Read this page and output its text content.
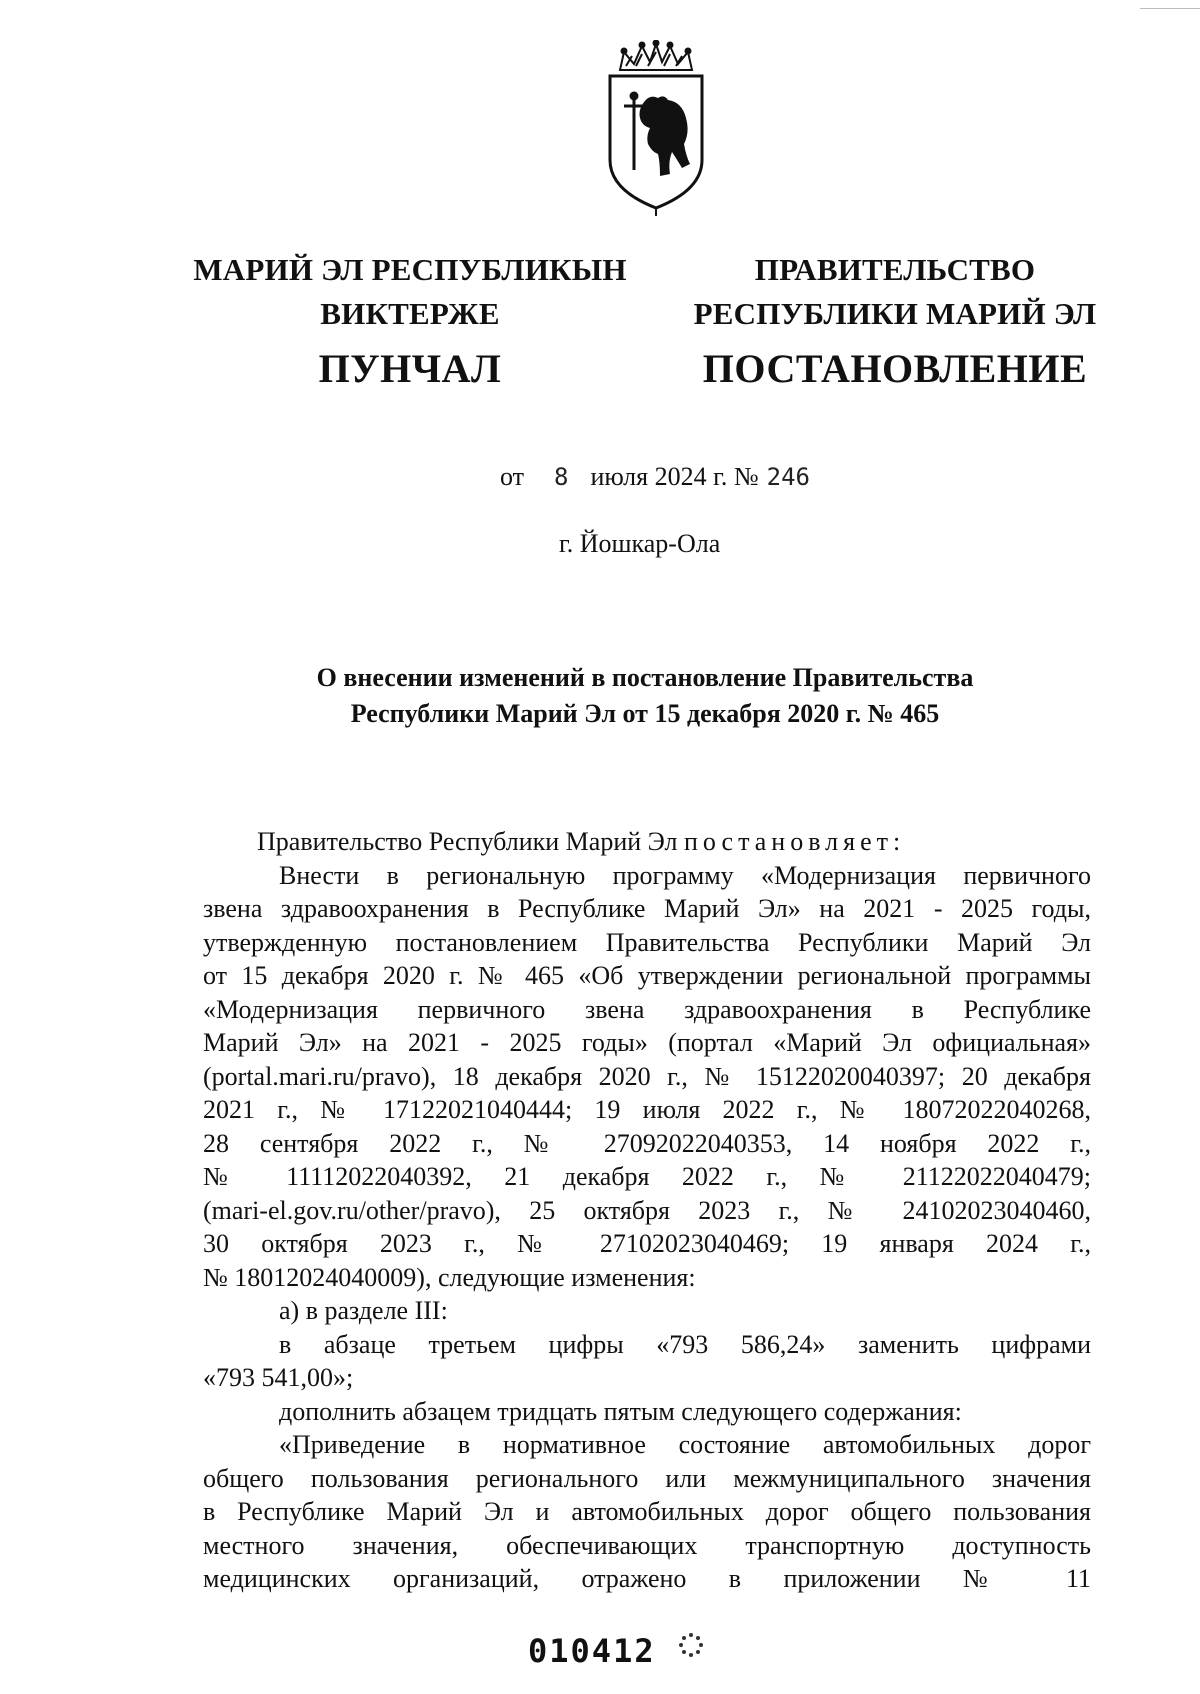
МАРИЙ ЭЛ РЕСПУБЛИКЫН
ВИКТЕРЖЕ
ПУНЧАЛ
ПРАВИТЕЛЬСТВО
РЕСПУБЛИКИ МАРИЙ ЭЛ
ПОСТАНОВЛЕНИЕ
от 8 июля 2024 г. № 246
г. Йошкар-Ола
О внесении изменений в постановление Правительства
Республики Марий Эл от 15 декабря 2020 г. № 465

Правительство Республики Марий Эл постановляет:

Внести в региональную программу «Модернизация первичного
звена здравоохранения в Республике Марий Эл» на 2021 - 2025 годы,
утвержденную постановлением Правительства Республики Марий Эл
от 15 декабря 2020 г. № 465 «Об утверждении региональной программы
«Модернизация первичного звена здравоохранения в Республике
Марий Эл» на 2021 - 2025 годы» (портал «Марий Эл официальная»
(portal.mari.ru/pravo), 18 декабря 2020 г., № 15122020040397; 20 декабря
2021 г., № 17122021040444; 19 июля 2022 г., № 18072022040268,
28 сентября 2022 г., № 27092022040353, 14 ноября 2022 г.,
№ 11112022040392, 21 декабря 2022 г., № 21122022040479;
(mari-el.gov.ru/other/pravo), 25 октября 2023 г., № 24102023040460,
30 октября 2023 г., № 27102023040469; 19 января 2024 г.,
№ 18012024040009), следующие изменения:
а) в разделе III:
в абзаце третьем цифры «793 586,24» заменить цифрами
«793 541,00»;
дополнить абзацем тридцать пятым следующего содержания:
«Приведение в нормативное состояние автомобильных дорог
общего пользования регионального или межмуниципального значения
в Республике Марий Эл и автомобильных дорог общего пользования
местного значения, обеспечивающих транспортную доступность
медицинских организаций, отражено в приложении № 11
010412
